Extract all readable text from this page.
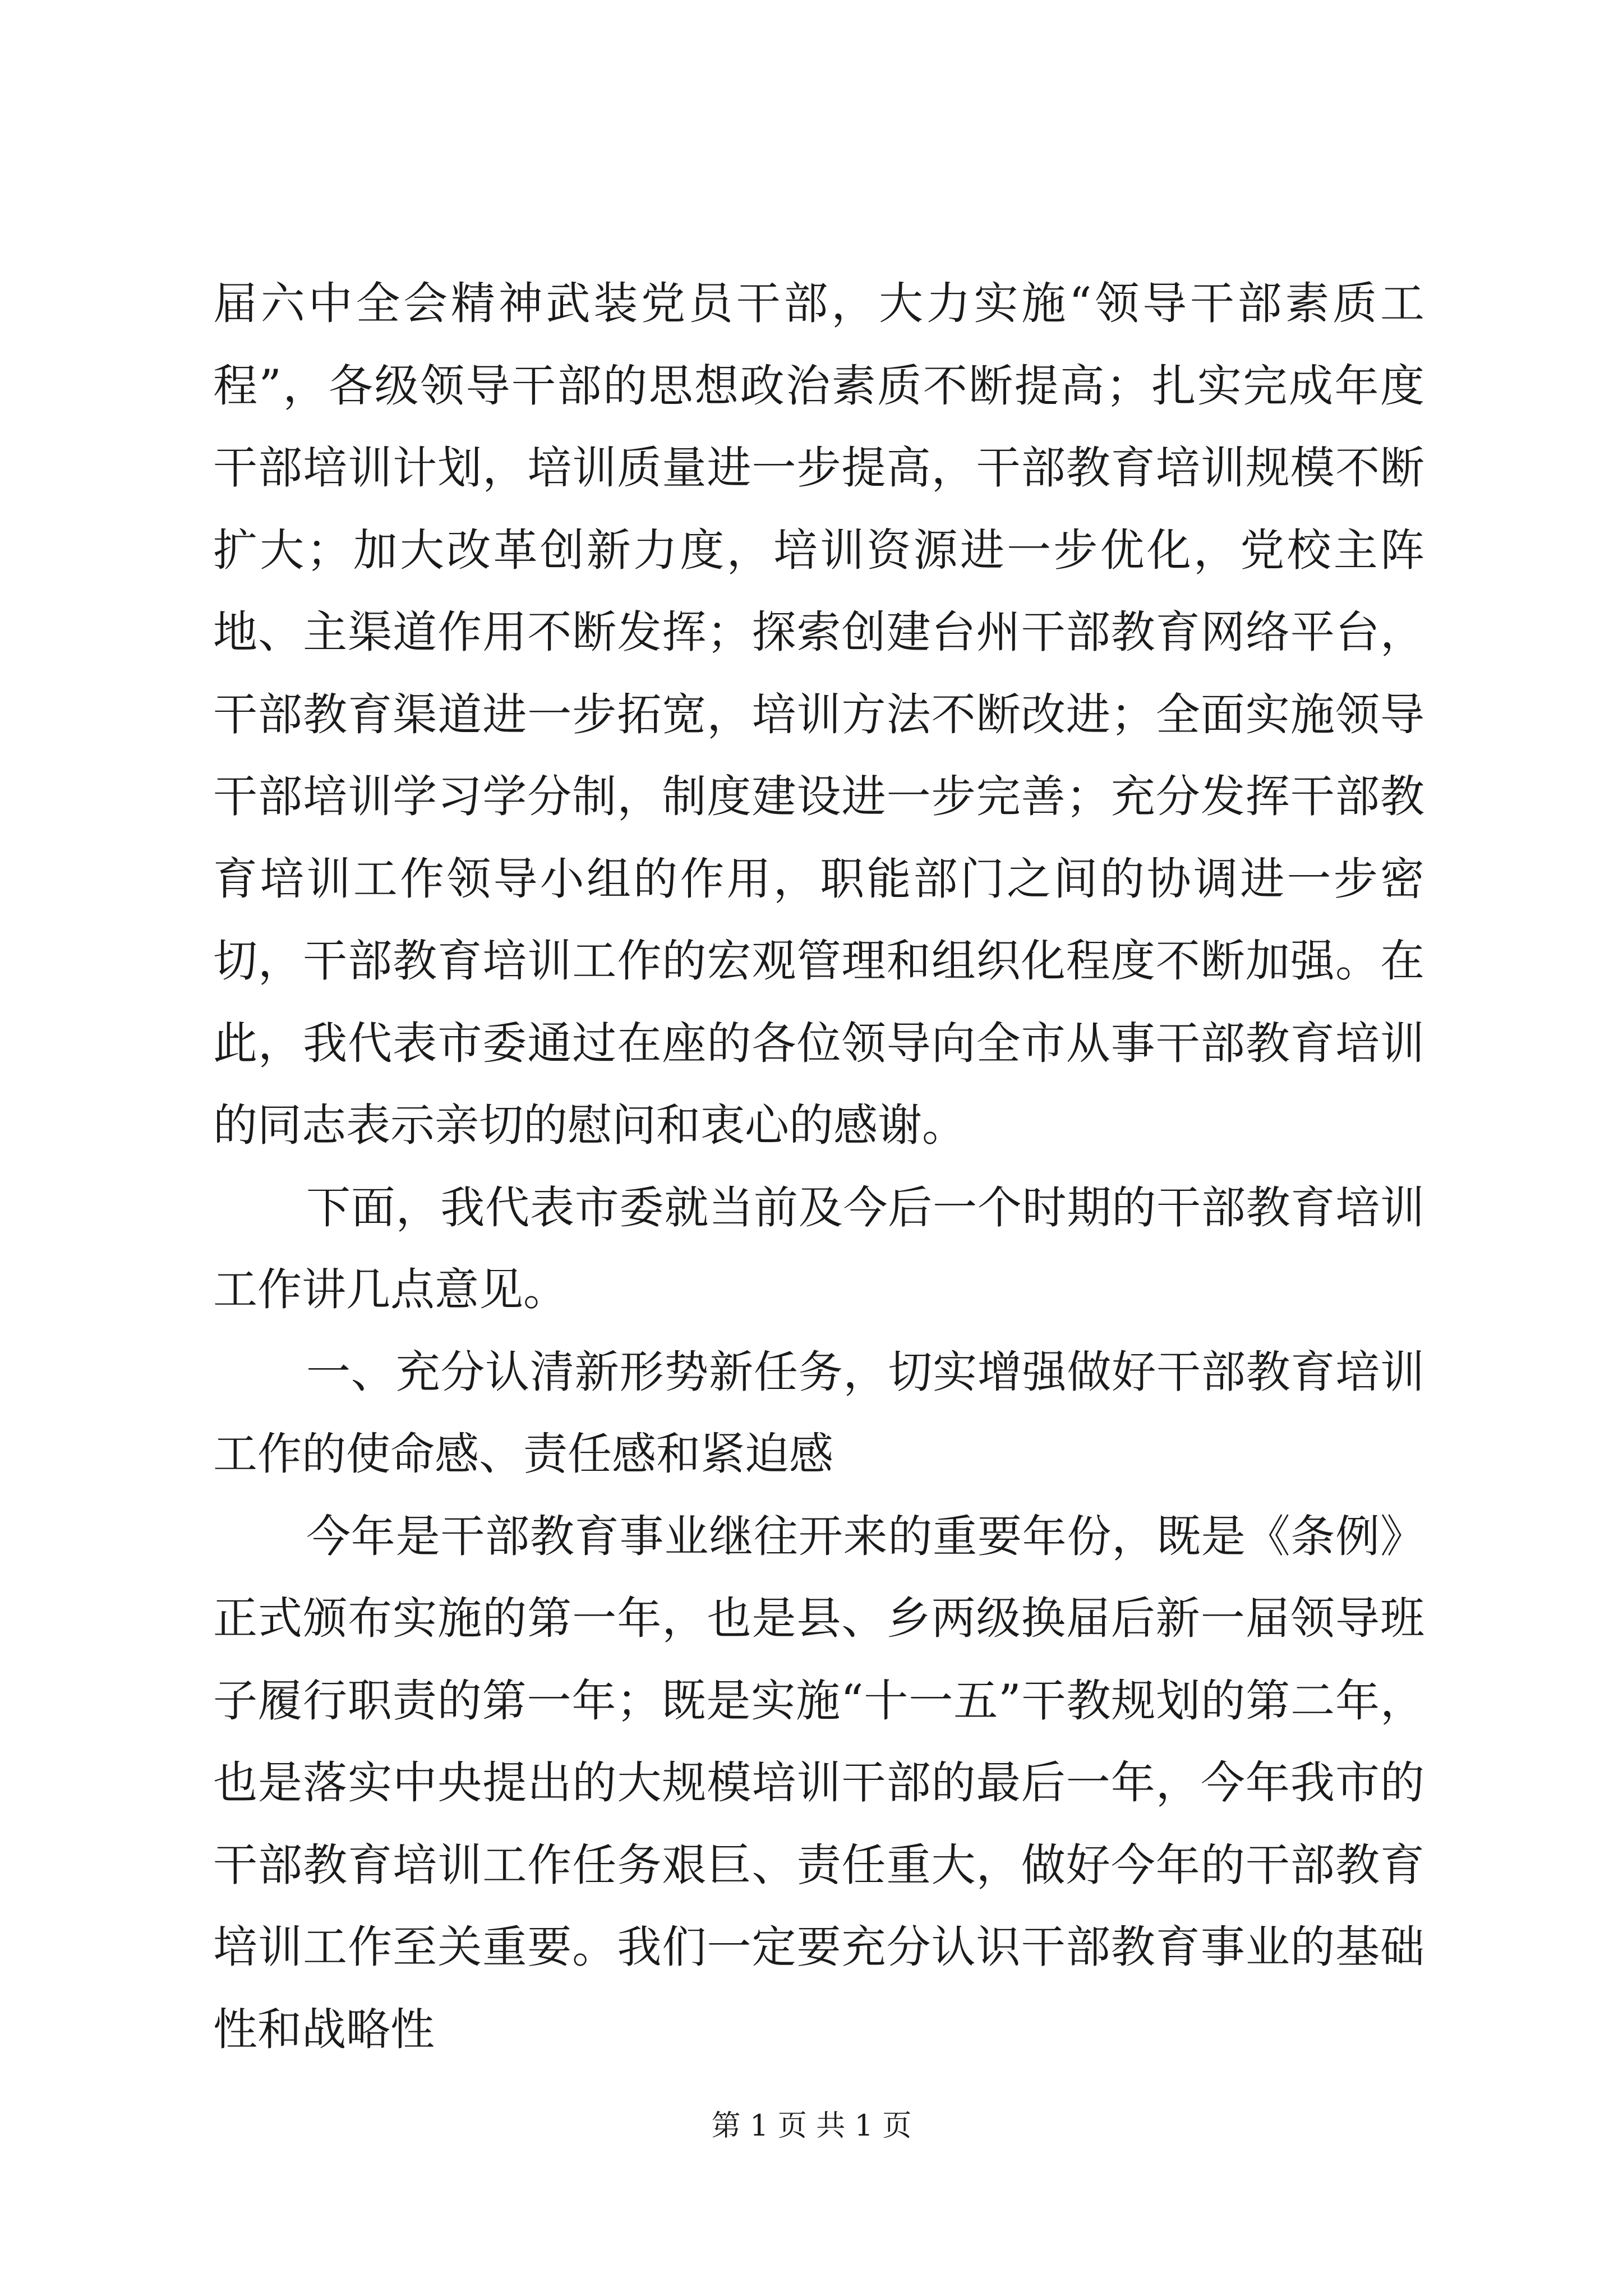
届六中全会精神武装党员干部，大力实施“领导干部素质工程”，各级领导干部的思想政治素质不断提高；扎实完成年度干部培训计划，培训质量进一步提高，干部教育培训规模不断扩大；加大改革创新力度，培训资源进一步优化，党校主阵地、主渠道作用不断发挥；探索创建台州干部教育网络平台，干部教育渠道进一步拓宽，培训方法不断改进；全面实施领导干部培训学习学分制，制度建设进一步完善；充分发挥干部教育培训工作领导小组的作用，职能部门之间的协调进一步密切，干部教育培训工作的宏观管理和组织化程度不断加强。在此，我代表市委通过在座的各位领导向全市从事干部教育培训的同志表示亲切的慰问和衷心的感谢。

下面，我代表市委就当前及今后一个时期的干部教育培训工作讲几点意见。

一、充分认清新形势新任务，切实增强做好干部教育培训工作的使命感、责任感和紧迫感

今年是干部教育事业继往开来的重要年份，既是《条例》正式颁布实施的第一年，也是县、乡两级换届后新一届领导班子履行职责的第一年；既是实施“十一五”干教规划的第二年，也是落实中央提出的大规模培训干部的最后一年，今年我市的干部教育培训工作任务艰巨、责任重大，做好今年的干部教育培训工作至关重要。我们一定要充分认识干部教育事业的基础性和战略性

第 1 页 共 1 页
